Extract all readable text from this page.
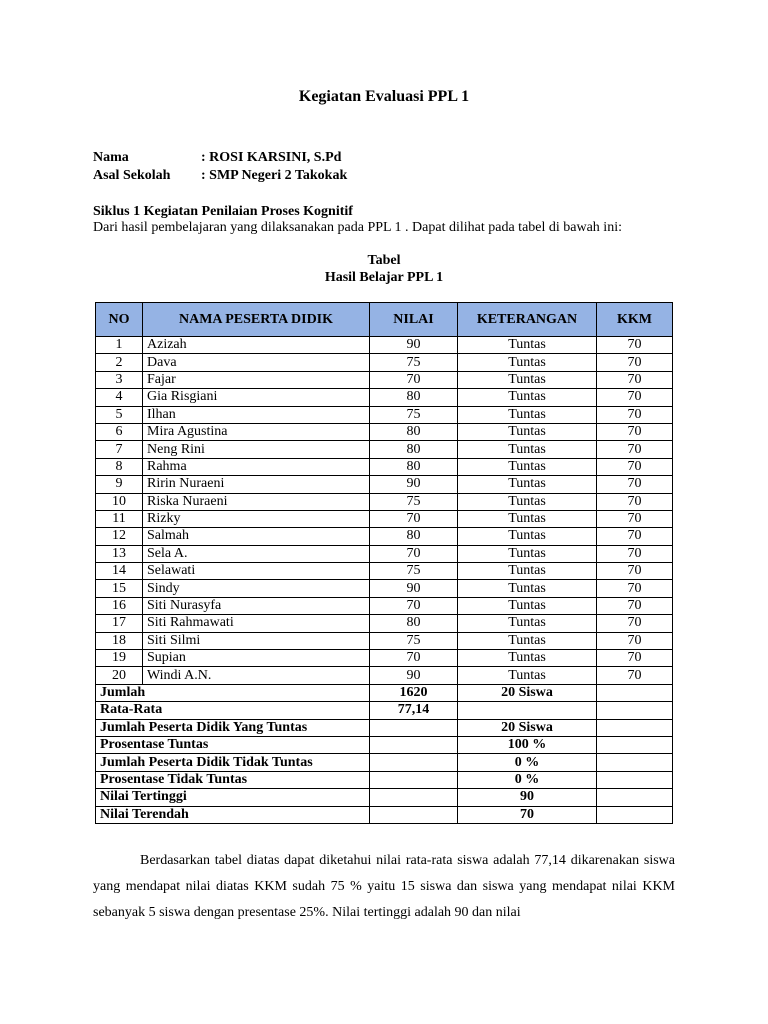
Kegiatan Evaluasi PPL 1
Nama	: ROSI KARSINI, S.Pd
Asal Sekolah	: SMP Negeri 2 Takokak
Siklus 1 Kegiatan Penilaian Proses Kognitif
Dari hasil pembelajaran yang dilaksanakan pada PPL 1 . Dapat dilihat pada tabel di bawah ini:
Tabel
Hasil Belajar PPL 1
NO	NAMA PESERTA DIDIK	NILAI	KETERANGAN	KKM
1	Azizah	90	Tuntas	70
2	Dava	75	Tuntas	70
3	Fajar	70	Tuntas	70
4	Gia Risgiani	80	Tuntas	70
5	Ilhan	75	Tuntas	70
6	Mira Agustina	80	Tuntas	70
7	Neng Rini	80	Tuntas	70
8	Rahma	80	Tuntas	70
9	Ririn Nuraeni	90	Tuntas	70
10	Riska Nuraeni	75	Tuntas	70
11	Rizky	70	Tuntas	70
12	Salmah	80	Tuntas	70
13	Sela A.	70	Tuntas	70
14	Selawati	75	Tuntas	70
15	Sindy	90	Tuntas	70
16	Siti Nurasyfa	70	Tuntas	70
17	Siti Rahmawati	80	Tuntas	70
18	Siti Silmi	75	Tuntas	70
19	Supian	70	Tuntas	70
20	Windi A.N.	90	Tuntas	70
Jumlah		1620	20 Siswa	
Rata-Rata		77,14		
Jumlah Peserta Didik Yang Tuntas			20 Siswa	
Prosentase Tuntas			100 %	
Jumlah Peserta Didik Tidak Tuntas			0 %	
Prosentase Tidak Tuntas			0 %	
Nilai Tertinggi			90	
Nilai Terendah			70	

Berdasarkan tabel diatas dapat diketahui nilai rata-rata siswa adalah 77,14 dikarenakan siswa yang mendapat nilai diatas KKM sudah 75 % yaitu 15 siswa dan siswa yang mendapat nilai KKM sebanyak 5 siswa dengan presentase 25%. Nilai tertinggi adalah 90 dan nilai
